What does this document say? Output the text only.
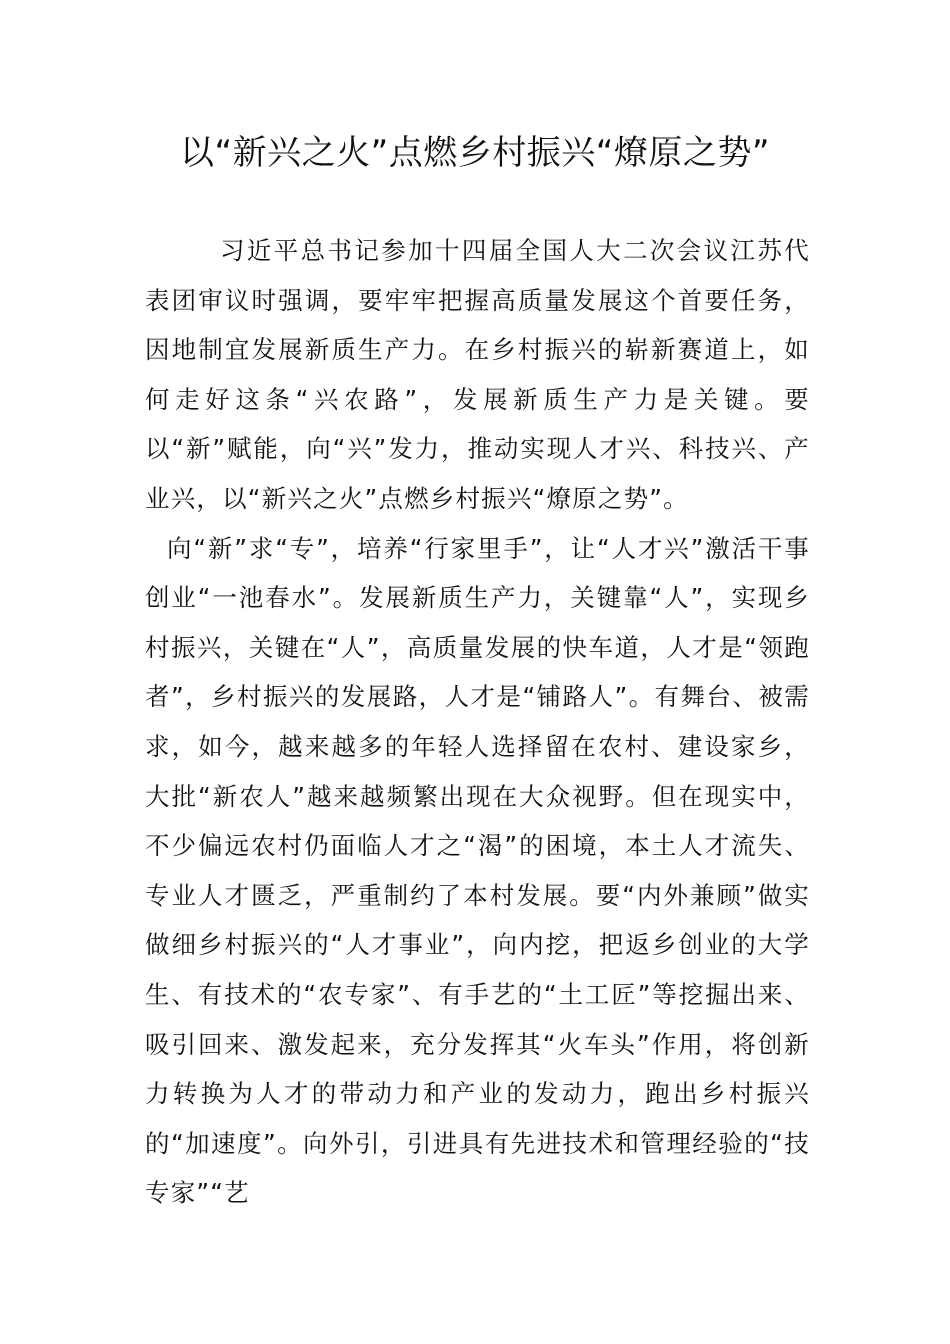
以“新兴之火”点燃乡村振兴“燎原之势”

习近平总书记参加十四届全国人大二次会议江苏代表团审议时强调，要牢牢把握高质量发展这个首要任务，因地制宜发展新质生产力。在乡村振兴的崭新赛道上，如何走好这条“兴农路”，发展新质生产力是关键。要以“新”赋能，向“兴”发力，推动实现人才兴、科技兴、产业兴，以“新兴之火”点燃乡村振兴“燎原之势”。

向“新”求“专”，培养“行家里手”，让“人才兴”激活干事创业“一池春水”。发展新质生产力，关键靠“人”，实现乡村振兴，关键在“人”，高质量发展的快车道，人才是“领跑者”，乡村振兴的发展路，人才是“铺路人”。有舞台、被需求，如今，越来越多的年轻人选择留在农村、建设家乡，大批“新农人”越来越频繁出现在大众视野。但在现实中，不少偏远农村仍面临人才之“渴”的困境，本土人才流失、专业人才匮乏，严重制约了本村发展。要“内外兼顾”做实做细乡村振兴的“人才事业”，向内挖，把返乡创业的大学生、有技术的“农专家”、有手艺的“土工匠”等挖掘出来、吸引回来、激发起来，充分发挥其“火车头”作用，将创新力转换为人才的带动力和产业的发动力，跑出乡村振兴的“加速度”。向外引，引进具有先进技术和管理经验的“技专家”“艺
